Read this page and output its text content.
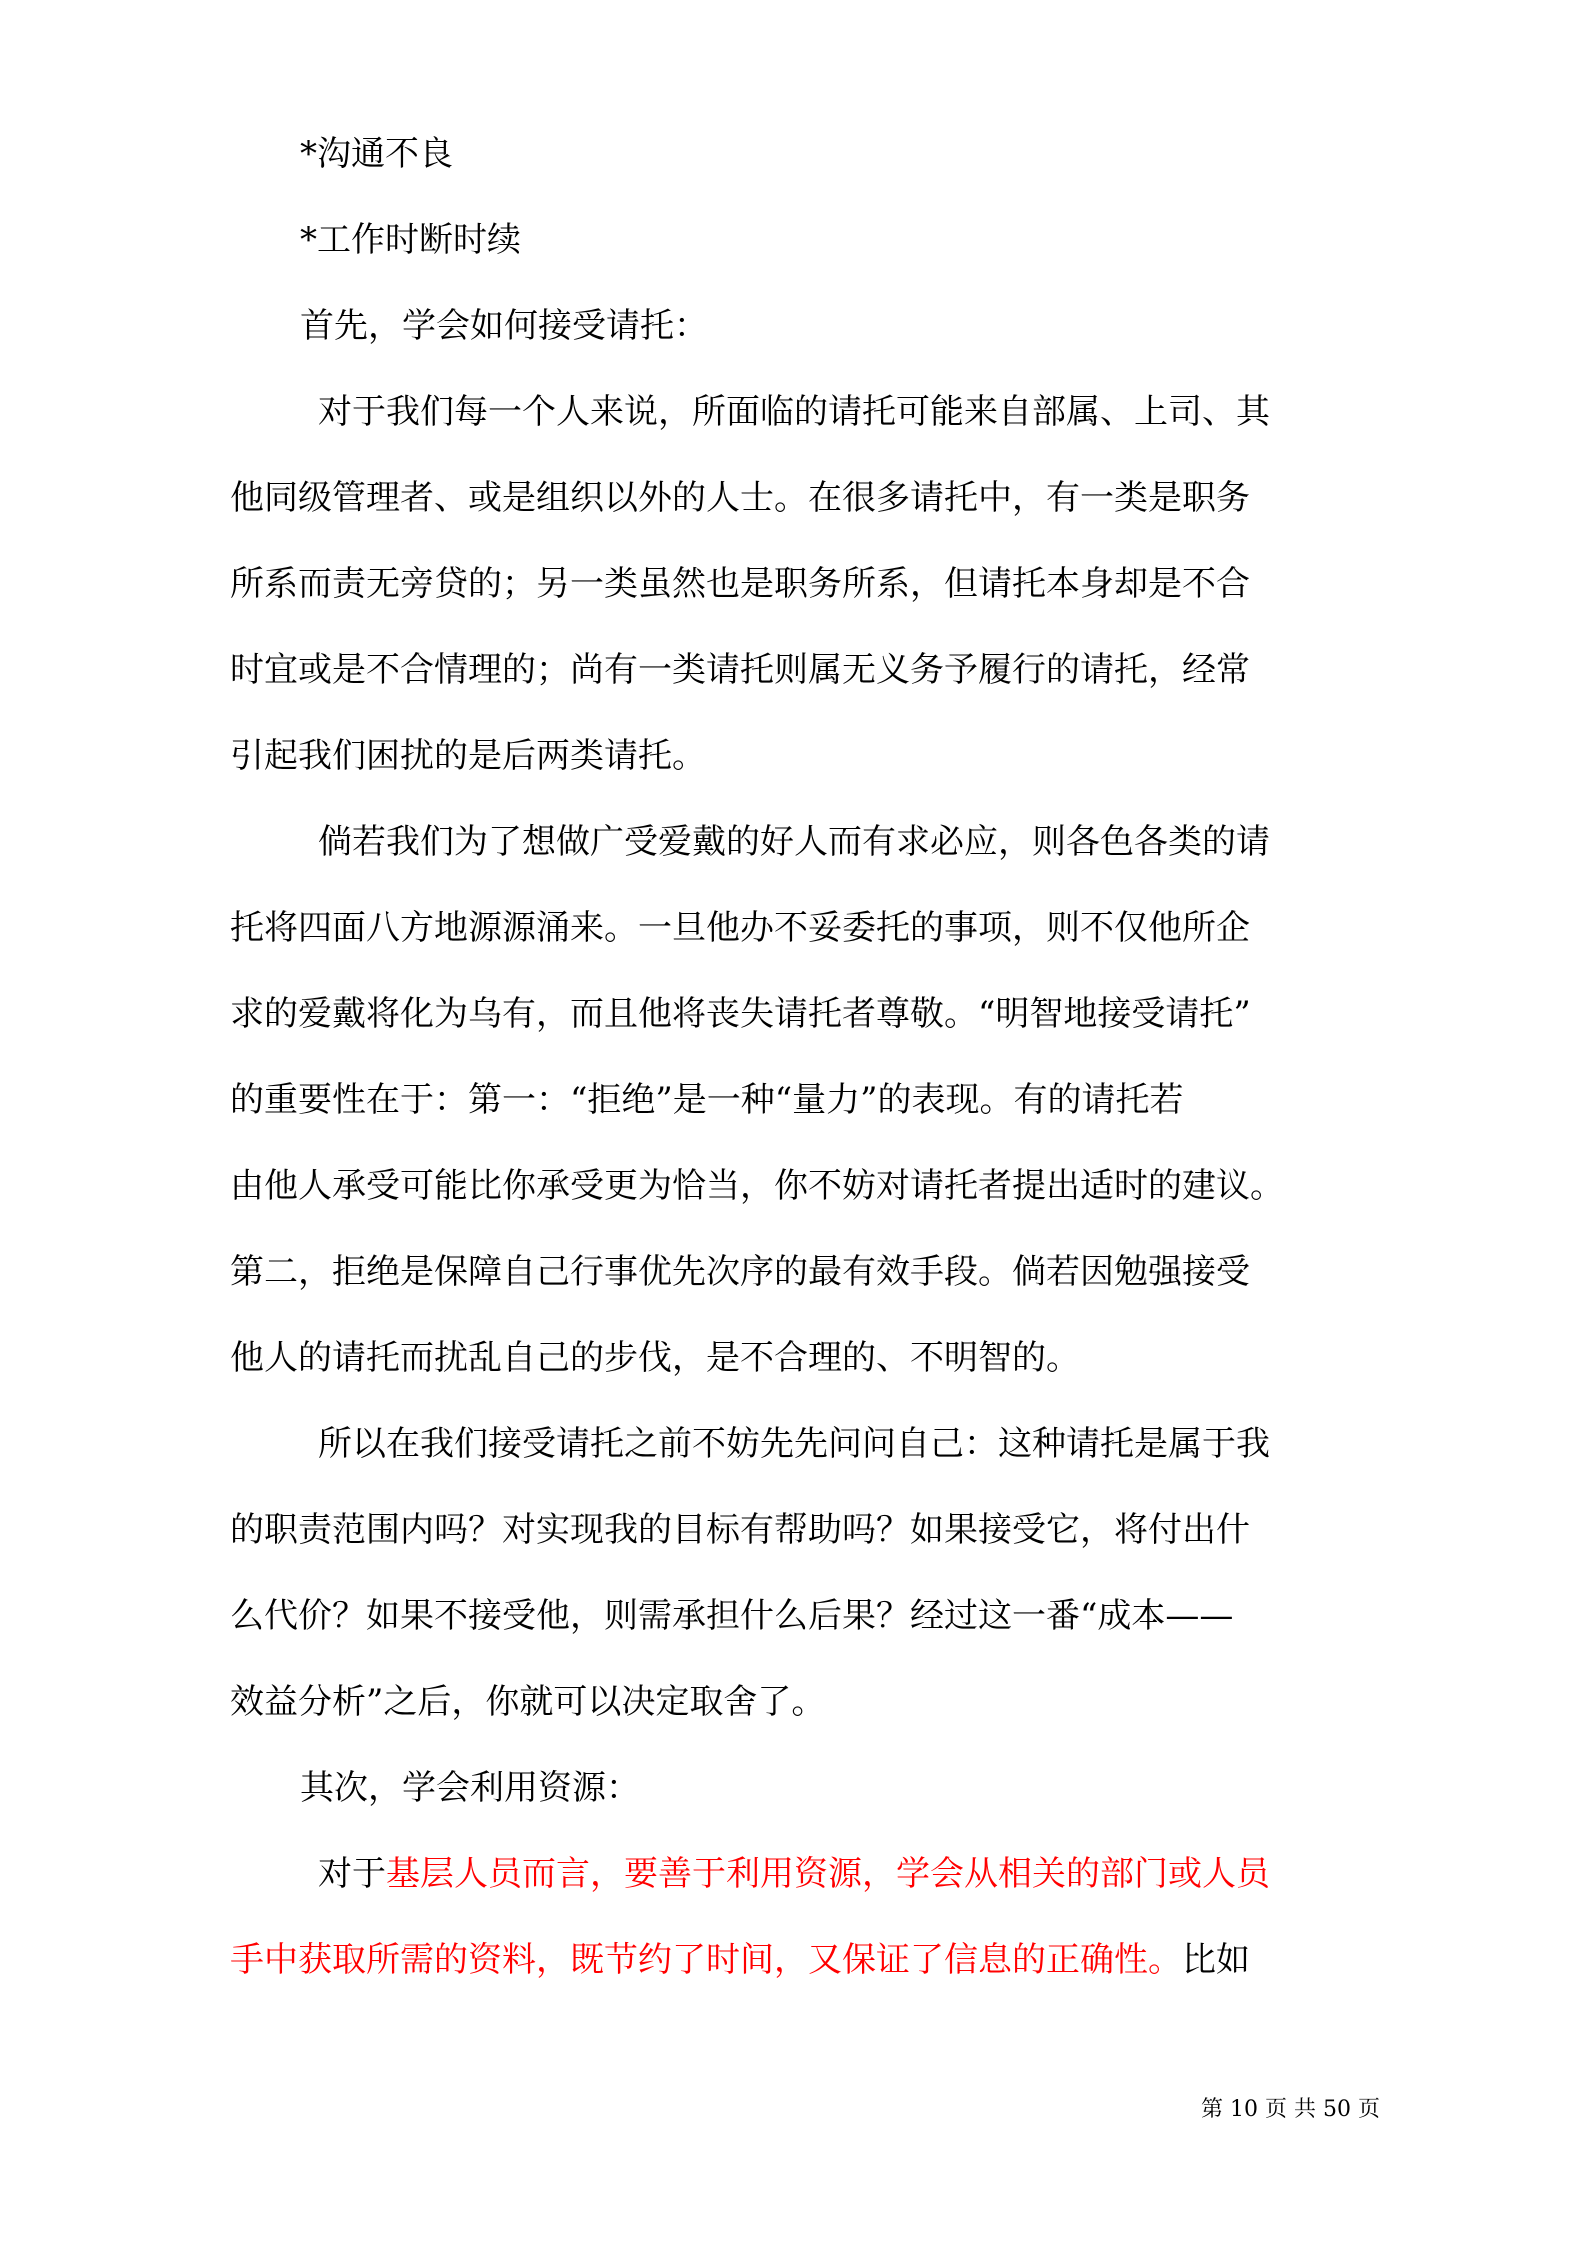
*沟通不良
*工作时断时续
首先，学会如何接受请托：
对于我们每一个人来说，所面临的请托可能来自部属、上司、其
他同级管理者、或是组织以外的人士。在很多请托中，有一类是职务
所系而责无旁贷的；另一类虽然也是职务所系，但请托本身却是不合
时宜或是不合情理的；尚有一类请托则属无义务予履行的请托，经常
引起我们困扰的是后两类请托。
倘若我们为了想做广受爱戴的好人而有求必应，则各色各类的请
托将四面八方地源源涌来。一旦他办不妥委托的事项，则不仅他所企
求的爱戴将化为乌有，而且他将丧失请托者尊敬。“明智地接受请托”
的重要性在于：第一：“拒绝”是一种“量力”的表现。有的请托若
由他人承受可能比你承受更为恰当，你不妨对请托者提出适时的建议。
第二，拒绝是保障自己行事优先次序的最有效手段。倘若因勉强接受
他人的请托而扰乱自己的步伐，是不合理的、不明智的。
所以在我们接受请托之前不妨先先问问自己：这种请托是属于我
的职责范围内吗？对实现我的目标有帮助吗？如果接受它，将付出什
么代价？如果不接受他，则需承担什么后果？经过这一番“成本——
效益分析”之后，你就可以决定取舍了。
其次，学会利用资源：
对于基层人员而言，要善于利用资源，学会从相关的部门或人员
手中获取所需的资料，既节约了时间，又保证了信息的正确性。比如
第 10 页 共 50 页
